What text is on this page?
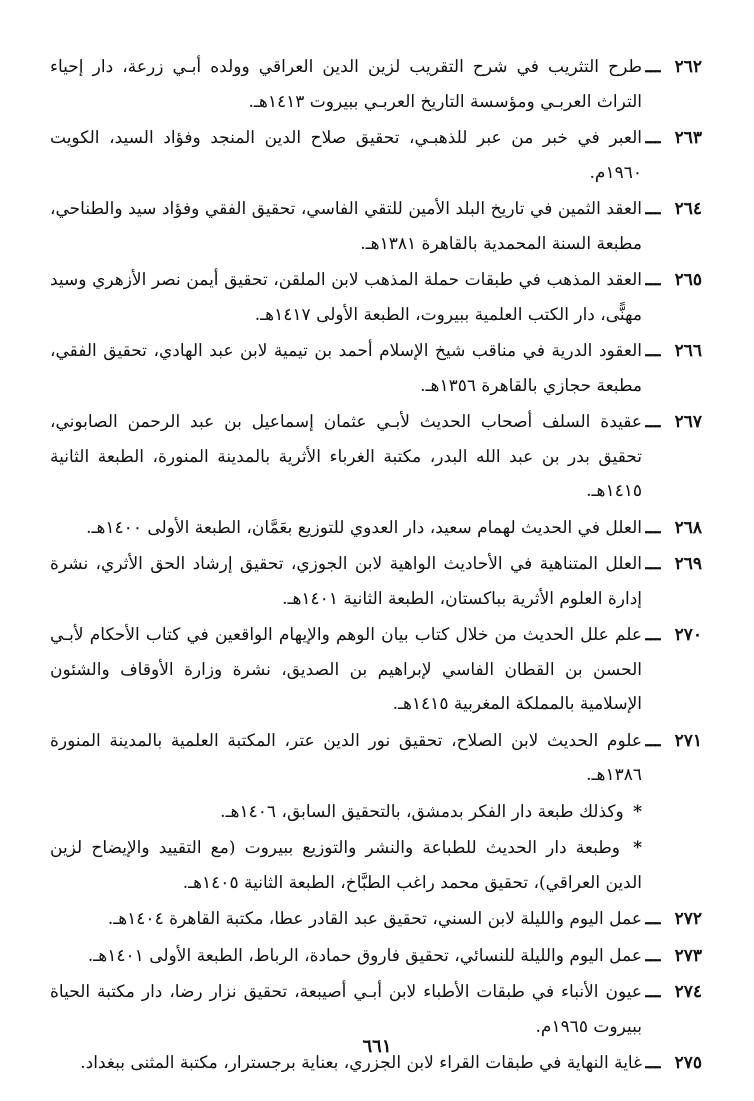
٢٦٢
ـــ
طرح التثريب في شرح التقريب لزين الدين العراقي وولده أبـي زرعة، دار إحياء التراث العربـي ومؤسسة التاريخ العربـي ببيروت ١٤١٣هـ.
٢٦٣
ـــ
العبر في خبر من عبر للذهبـي، تحقيق صلاح الدين المنجد وفؤاد السيد، الكويت ١٩٦٠م.
٢٦٤
ـــ
العقد الثمين في تاريخ البلد الأمين للتقي الفاسي، تحقيق الفقي وفؤاد سيد والطناحي، مطبعة السنة المحمدية بالقاهرة ١٣٨١هـ.
٢٦٥
ـــ
العقد المذهب في طبقات حملة المذهب لابن الملقن، تحقيق أيمن نصر الأزهري وسيد مهنًّى، دار الكتب العلمية ببيروت، الطبعة الأولى ١٤١٧هـ.
٢٦٦
ـــ
العقود الدرية في مناقب شيخ الإسلام أحمد بن تيمية لابن عبد الهادي، تحقيق الفقي، مطبعة حجازي بالقاهرة ١٣٥٦هـ.
٢٦٧
ـــ
عقيدة السلف أصحاب الحديث لأبـي عثمان إسماعيل بن عبد الرحمن الصابوني، تحقيق بدر بن عبد الله البدر، مكتبة الغرباء الأثرية بالمدينة المنورة، الطبعة الثانية ١٤١٥هـ.
٢٦٨
ـــ
العلل في الحديث لهمام سعيد، دار العدوي للتوزيع بعَمَّان، الطبعة الأولى ١٤٠٠هـ.
٢٦٩
ـــ
العلل المتناهية في الأحاديث الواهية لابن الجوزي، تحقيق إرشاد الحق الأثري، نشرة إدارة العلوم الأثرية بباكستان، الطبعة الثانية ١٤٠١هـ.
٢٧٠
ـــ
علم علل الحديث من خلال كتاب بيان الوهم والإيهام الواقعين في كتاب الأحكام لأبـي الحسن بن القطان الفاسي لإبراهيم بن الصديق، نشرة وزارة الأوقاف والشئون الإسلامية بالمملكة المغربية ١٤١٥هـ.
٢٧١
ـــ
علوم الحديث لابن الصلاح، تحقيق نور الدين عتر، المكتبة العلمية بالمدينة المنورة ١٣٨٦هـ.
* وكذلك طبعة دار الفكر بدمشق، بالتحقيق السابق، ١٤٠٦هـ.
* وطبعة دار الحديث للطباعة والنشر والتوزيع ببيروت (مع التقييد والإيضاح لزين الدين العراقي)، تحقيق محمد راغب الطبَّاخ، الطبعة الثانية ١٤٠٥هـ.
٢٧٢
ـــ
عمل اليوم والليلة لابن السني، تحقيق عبد القادر عطا، مكتبة القاهرة ١٤٠٤هـ.
٢٧٣
ـــ
عمل اليوم والليلة للنسائي، تحقيق فاروق حمادة، الرباط، الطبعة الأولى ١٤٠١هـ.
٢٧٤
ـــ
عيون الأنباء في طبقات الأطباء لابن أبـي أصيبعة، تحقيق نزار رضا، دار مكتبة الحياة ببيروت ١٩٦٥م.
٢٧٥
ـــ
غاية النهاية في طبقات القراء لابن الجزري، بعناية برجسترار، مكتبة المثنى ببغداد.
٦٦١
